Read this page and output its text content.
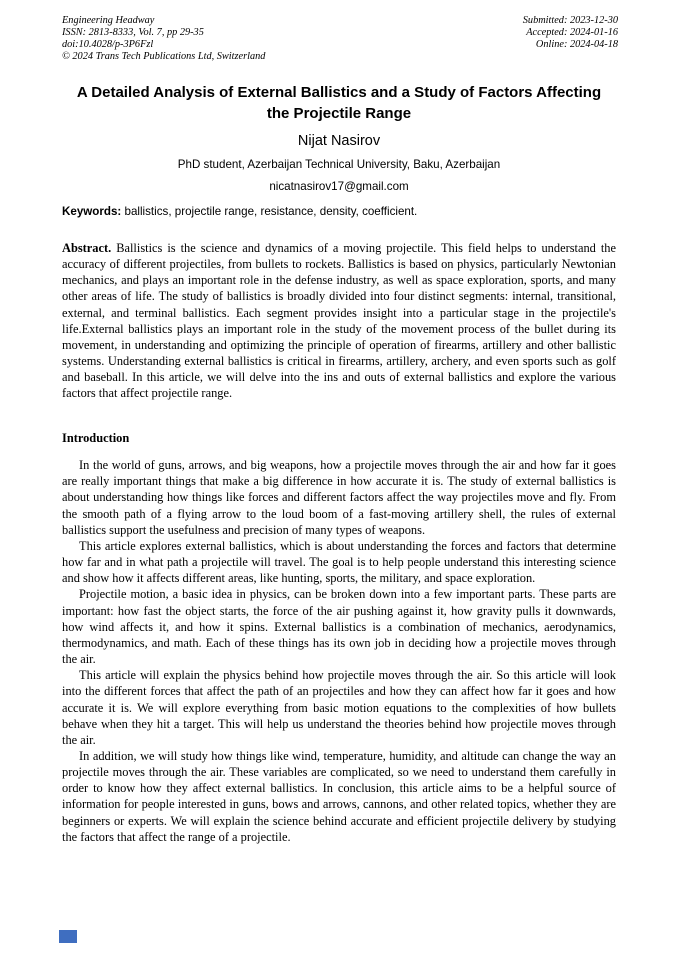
Engineering Headway
ISSN: 2813-8333, Vol. 7, pp 29-35
doi:10.4028/p-3P6Fzl
© 2024 Trans Tech Publications Ltd, Switzerland
Submitted: 2023-12-30
Accepted: 2024-01-16
Online: 2024-04-18
A Detailed Analysis of External Ballistics and a Study of Factors Affecting the Projectile Range
Nijat Nasirov
PhD student, Azerbaijan Technical University, Baku, Azerbaijan
nicatnasirov17@gmail.com
Keywords: ballistics, projectile range, resistance, density, coefficient.
Abstract. Ballistics is the science and dynamics of a moving projectile. This field helps to understand the accuracy of different projectiles, from bullets to rockets. Ballistics is based on physics, particularly Newtonian mechanics, and plays an important role in the defense industry, as well as space exploration, sports, and many other areas of life. The study of ballistics is broadly divided into four distinct segments: internal, transitional, external, and terminal ballistics. Each segment provides insight into a particular stage in the projectile's life.External ballistics plays an important role in the study of the movement process of the bullet during its movement, in understanding and optimizing the principle of operation of firearms, artillery and other ballistic systems. Understanding external ballistics is critical in firearms, artillery, archery, and even sports such as golf and baseball. In this article, we will delve into the ins and outs of external ballistics and explore the various factors that affect projectile range.
Introduction

In the world of guns, arrows, and big weapons, how a projectile moves through the air and how far it goes are really important things that make a big difference in how accurate it is. The study of external ballistics is about understanding how things like forces and different factors affect the way projectiles move and fly. From the smooth path of a flying arrow to the loud boom of a fast-moving artillery shell, the rules of external ballistics support the usefulness and precision of many types of weapons.

This article explores external ballistics, which is about understanding the forces and factors that determine how far and in what path a projectile will travel. The goal is to help people understand this interesting science and show how it affects different areas, like hunting, sports, the military, and space exploration.

Projectile motion, a basic idea in physics, can be broken down into a few important parts. These parts are important: how fast the object starts, the force of the air pushing against it, how gravity pulls it downwards, how wind affects it, and how it spins. External ballistics is a combination of mechanics, aerodynamics, thermodynamics, and math. Each of these things has its own job in deciding how a projectile moves through the air.

This article will explain the physics behind how projectile moves through the air. So this article will look into the different forces that affect the path of an projectiles and how they can affect how far it goes and how accurate it is. We will explore everything from basic motion equations to the complexities of how bullets behave when they hit a target. This will help us understand the theories behind how projectile moves through the air.

In addition, we will study how things like wind, temperature, humidity, and altitude can change the way an projectile moves through the air. These variables are complicated, so we need to understand them carefully in order to know how they affect external ballistics. In conclusion, this article aims to be a helpful source of information for people interested in guns, bows and arrows, cannons, and other related topics, whether they are beginners or experts. We will explain the science behind accurate and efficient projectile delivery by studying the factors that affect the range of a projectile.
